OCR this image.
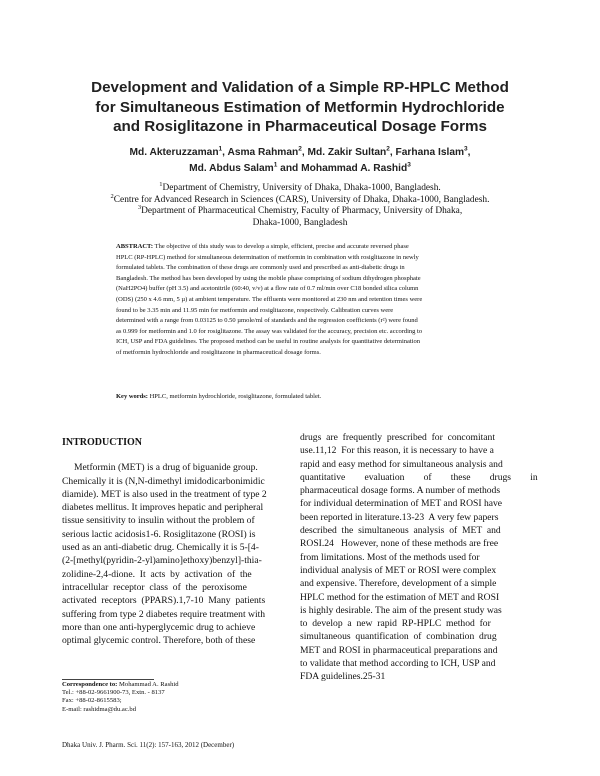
Development and Validation of a Simple RP-HPLC Method
for Simultaneous Estimation of Metformin Hydrochloride
and Rosiglitazone in Pharmaceutical Dosage Forms
Md. Akteruzzaman$^1$, Asma Rahman$^2$, Md. Zakir Sultan$^2$, Farhana Islam$^3$,
Md. Abdus Salam$^1$ and Mohammad A. Rashid$^3$
$^1$Department of Chemistry, University of Dhaka, Dhaka-1000, Bangladesh.
$^2$Centre for Advanced Research in Sciences (CARS), University of Dhaka, Dhaka-1000, Bangladesh.
$^3$Department of Pharmaceutical Chemistry, Faculty of Pharmacy, University of Dhaka,
Dhaka-1000, Bangladesh
ABSTRACT: The objective of this study was to develop a simple, efficient, precise and accurate reversed phase
HPLC (RP-HPLC) method for simultaneous determination of metformin in combination with rosiglitazone in newly
formulated tablets. The combination of these drugs are commonly used and prescribed as anti-diabetic drugs in
Bangladesh. The method has been developed by using the mobile phase comprising of sodium dihydrogen phosphate
(NaH2PO4) buffer (pH 3.5) and acetonitrile (60:40, v/v) at a flow rate of 0.7 ml/min over C18 bonded silica column
(ODS) (250 x 4.6 mm, 5 µ) at ambient temperature. The effluents were monitored at 230 nm and retention times were
found to be 3.35 min and 11.95 min for metformin and rosiglitazone, respectively. Calibration curves were
determined with a range from 0.03125 to 0.50 µmole/ml of standards and the regression coefficients (r²) were found
as 0.999 for metformin and 1.0 for rosiglitazone. The assay was validated for the accuracy, precision etc. according to
ICH, USP and FDA guidelines. The proposed method can be useful in routine analysis for quantitative determination
of metformin hydrochloride and rosiglitazone in pharmaceutical dosage forms.
Key words: HPLC, metformin hydrochloride, rosiglitazone, formulated tablet.
INTRODUCTION
Metformin (MET) is a drug of biguanide group.
Chemically it is (N,N-dimethyl imidodicarbonimidic
diamide). MET is also used in the treatment of type 2
diabetes mellitus. It improves hepatic and peripheral
tissue sensitivity to insulin without the problem of
serious lactic acidosis1-6. Rosiglitazone (ROSI) is
used as an anti-diabetic drug. Chemically it is 5-[4-
(2-[methyl(pyridin-2-yl)amino]ethoxy)benzyl]-thia-
zolidine-2,4-dione.  It  acts  by  activation  of  the
intracellular  receptor  class  of  the  peroxisome
activated  receptors  (PPARS).1,7-10  Many  patients
suffering from type 2 diabetes require treatment with
more than one anti-hyperglycemic drug to achieve
optimal glycemic control. Therefore, both of these
drugs  are  frequently  prescribed  for  concomitant
use.11,12  For this reason, it is necessary to have a
rapid and easy method for simultaneous analysis and
quantitative        evaluation        of        these        drugs        in
pharmaceutical dosage forms. A number of methods
for individual determination of MET and ROSI have
been reported in literature.13-23  A very few papers
described  the  simultaneous  analysis  of  MET  and
ROSI.24   However, none of these methods are free
from limitations. Most of the methods used for
individual analysis of MET or ROSI were complex
and expensive. Therefore, development of a simple
HPLC method for the estimation of MET and ROSI
is highly desirable. The aim of the present study was
to  develop  a  new  rapid  RP-HPLC  method  for
simultaneous  quantification  of  combination  drug
MET and ROSI in pharmaceutical preparations and
to validate that method according to ICH, USP and
FDA guidelines.25-31
Correspondence to: Mohammad A. Rashid
Tel.: +88-02-9661900-73, Extn. - 8137
Fax: +88-02-8615583;
E-mail: rashidma@du.ac.bd
Dhaka Univ. J. Pharm. Sci. 11(2): 157-163, 2012 (December)
